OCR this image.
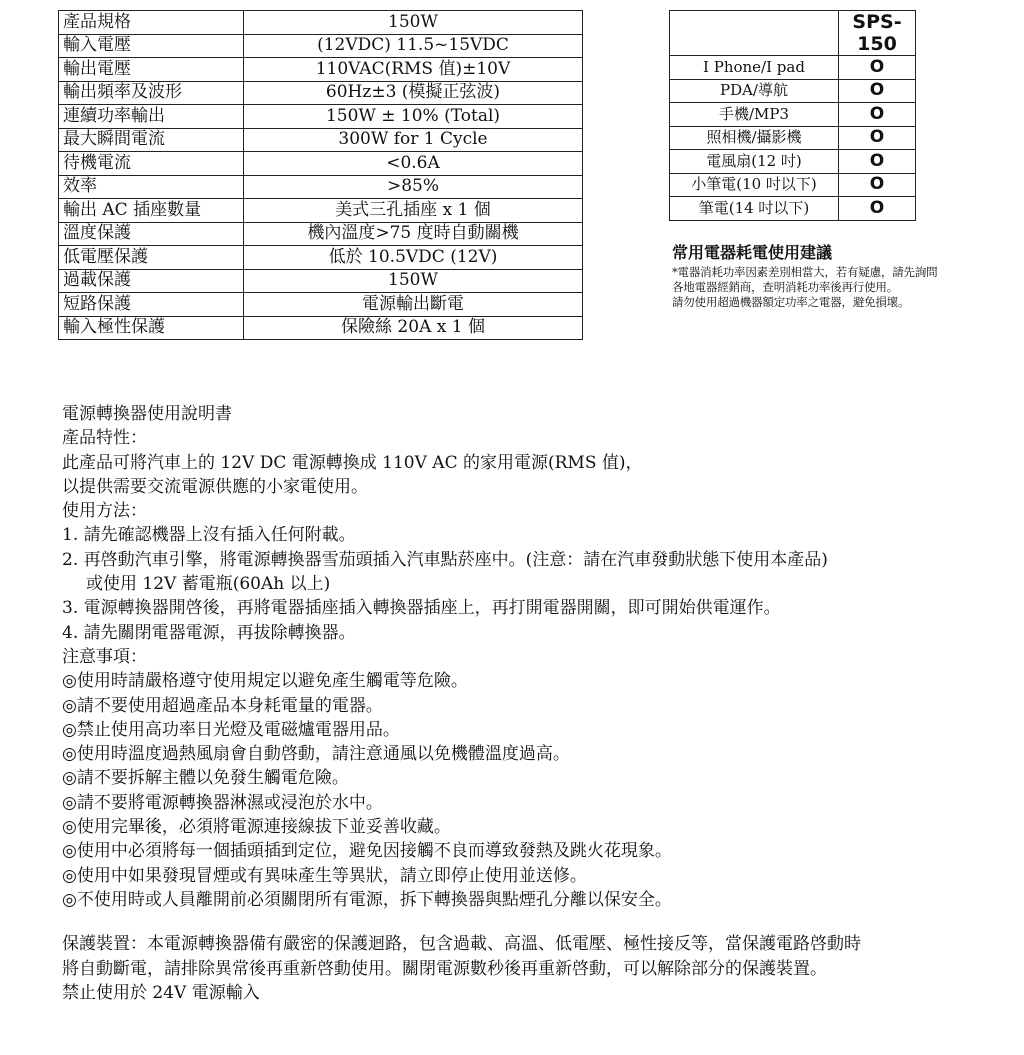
產品規格	150W
輸入電壓	(12VDC) 11.5~15VDC
輸出電壓	110VAC(RMS 值)±10V
輸出頻率及波形	60Hz±3 (模擬正弦波)
連續功率輸出	150W ± 10% (Total)
最大瞬間電流	300W for 1 Cycle
待機電流	<0.6A
效率	>85%
輸出 AC 插座數量	美式三孔插座 x 1 個
溫度保護	機內溫度>75 度時自動關機
低電壓保護	低於 10.5VDC (12V)
過載保護	150W
短路保護	電源輸出斷電
輸入極性保護	保險絲 20A x 1 個
	SPS-150
I Phone/I pad	O
PDA/導航	O
手機/MP3	O
照相機/攝影機	O
電風扇(12 吋)	O
小筆電(10 吋以下)	O
筆電(14 吋以下)	O

常用電器耗電使用建議

*電器消耗功率因素差別相當大，若有疑慮，請先詢問

各地電器經銷商，查明消耗功率後再行使用。

請勿使用超過機器額定功率之電器，避免損壞。

電源轉換器使用說明書

產品特性：

此產品可將汽車上的 12V DC 電源轉換成 110V AC 的家用電源(RMS 值)，

以提供需要交流電源供應的小家電使用。

使用方法：

1. 請先確認機器上沒有插入任何附載。

2. 再啓動汽車引擎，將電源轉換器雪茄頭插入汽車點菸座中。(注意：請在汽車發動狀態下使用本產品)

或使用 12V 蓄電瓶(60Ah 以上)

3. 電源轉換器開啓後，再將電器插座插入轉換器插座上，再打開電器開關，即可開始供電運作。

4. 請先關閉電器電源，再拔除轉換器。

注意事項：

◎使用時請嚴格遵守使用規定以避免產生觸電等危險。

◎請不要使用超過產品本身耗電量的電器。

◎禁止使用高功率日光燈及電磁爐電器用品。

◎使用時溫度過熱風扇會自動啓動，請注意通風以免機體溫度過高。

◎請不要拆解主體以免發生觸電危險。

◎請不要將電源轉換器淋濕或浸泡於水中。

◎使用完畢後，必須將電源連接線拔下並妥善收藏。

◎使用中必須將每一個插頭插到定位，避免因接觸不良而導致發熱及跳火花現象。

◎使用中如果發現冒煙或有異味產生等異狀，請立即停止使用並送修。

◎不使用時或人員離開前必須關閉所有電源，拆下轉換器與點煙孔分離以保安全。

保護裝置：本電源轉換器備有嚴密的保護迴路，包含過載、高溫、低電壓、極性接反等，當保護電路啓動時

將自動斷電，請排除異常後再重新啓動使用。關閉電源數秒後再重新啓動，可以解除部分的保護裝置。

禁止使用於 24V 電源輸入
